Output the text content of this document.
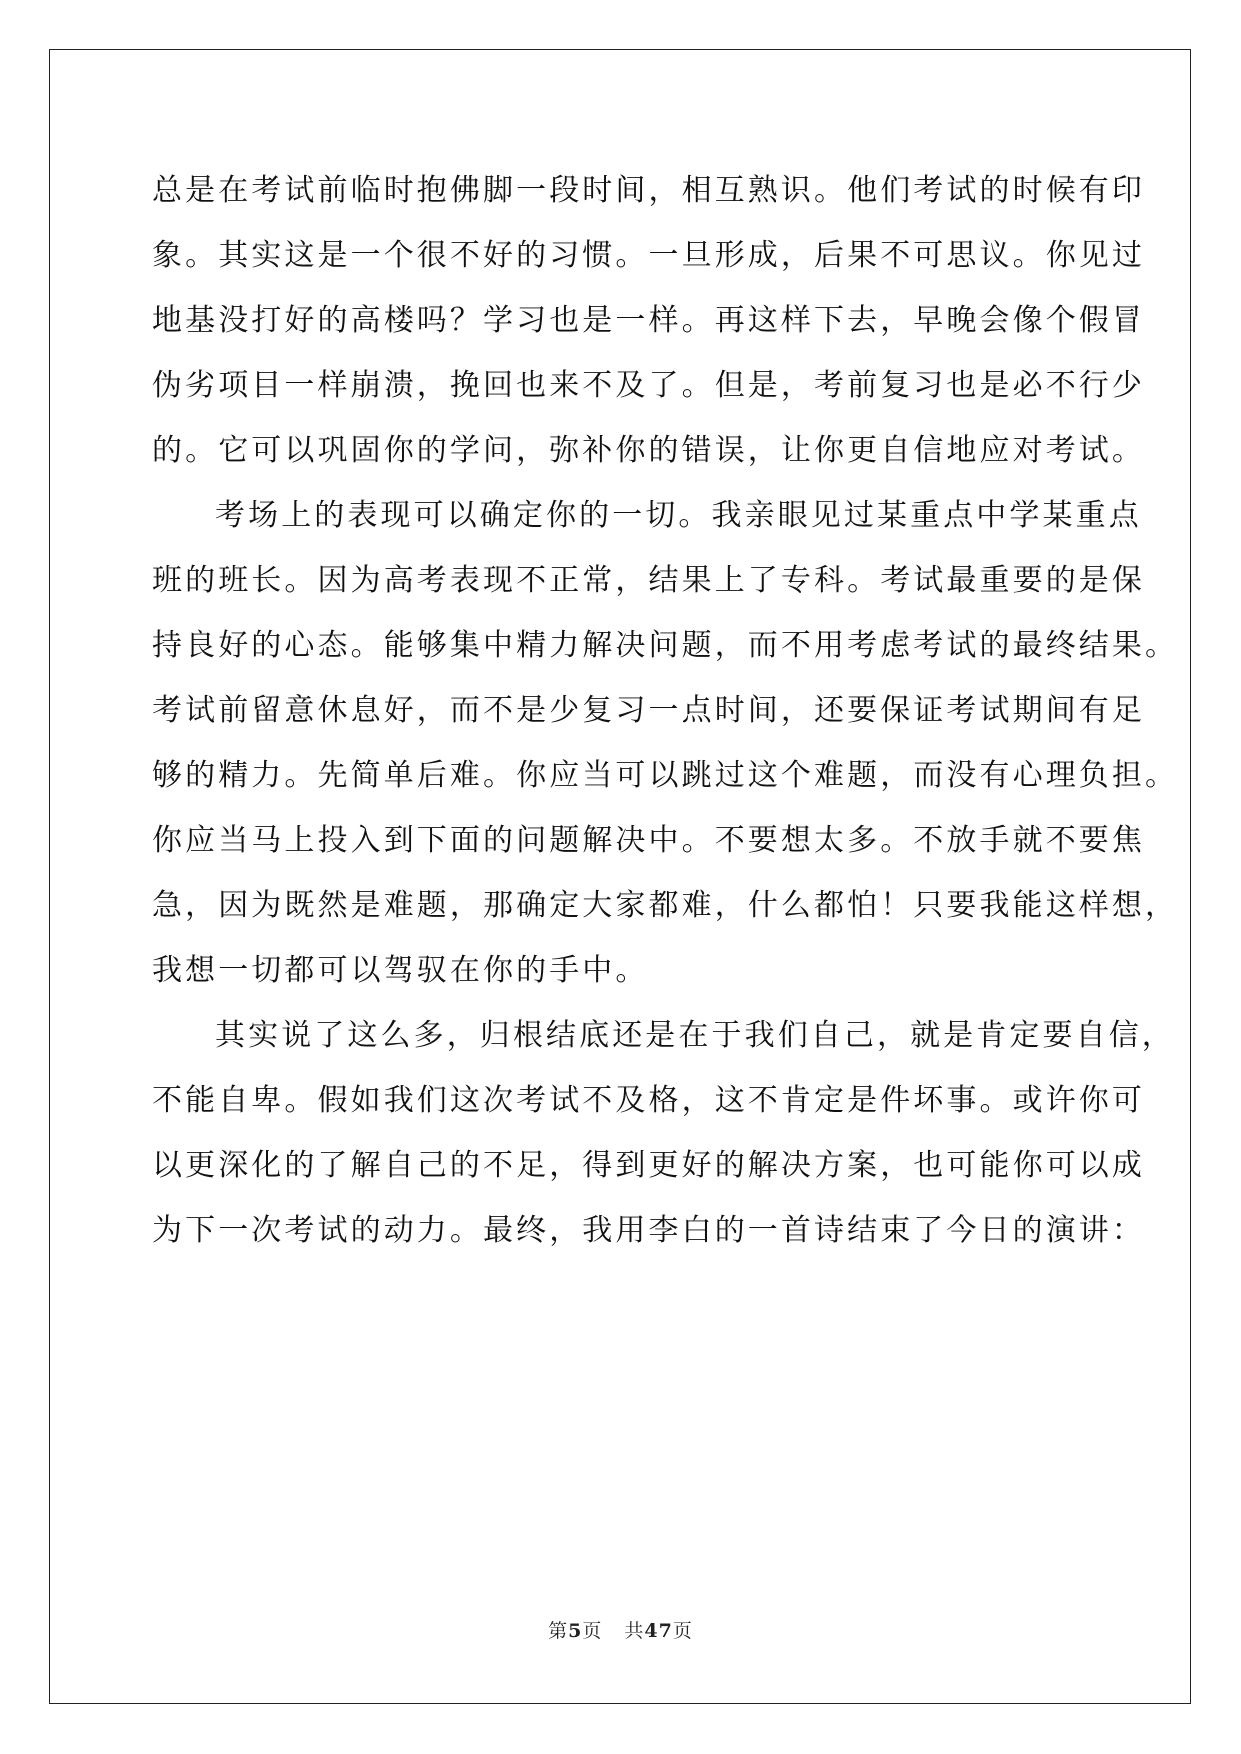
总是在考试前临时抱佛脚一段时间，相互熟识。他们考试的时候有印
象。其实这是一个很不好的习惯。一旦形成，后果不可思议。你见过
地基没打好的高楼吗？学习也是一样。再这样下去，早晚会像个假冒
伪劣项目一样崩溃，挽回也来不及了。但是，考前复习也是必不行少
的。它可以巩固你的学问，弥补你的错误，让你更自信地应对考试。

考场上的表现可以确定你的一切。我亲眼见过某重点中学某重点
班的班长。因为高考表现不正常，结果上了专科。考试最重要的是保
持良好的心态。能够集中精力解决问题，而不用考虑考试的最终结果。
考试前留意休息好，而不是少复习一点时间，还要保证考试期间有足
够的精力。先简单后难。你应当可以跳过这个难题，而没有心理负担。
你应当马上投入到下面的问题解决中。不要想太多。不放手就不要焦
急，因为既然是难题，那确定大家都难，什么都怕！只要我能这样想，
我想一切都可以驾驭在你的手中。

其实说了这么多，归根结底还是在于我们自己，就是肯定要自信，
不能自卑。假如我们这次考试不及格，这不肯定是件坏事。或许你可
以更深化的了解自己的不足，得到更好的解决方案，也可能你可以成
为下一次考试的动力。最终，我用李白的一首诗结束了今日的演讲：

第5页 共47页
